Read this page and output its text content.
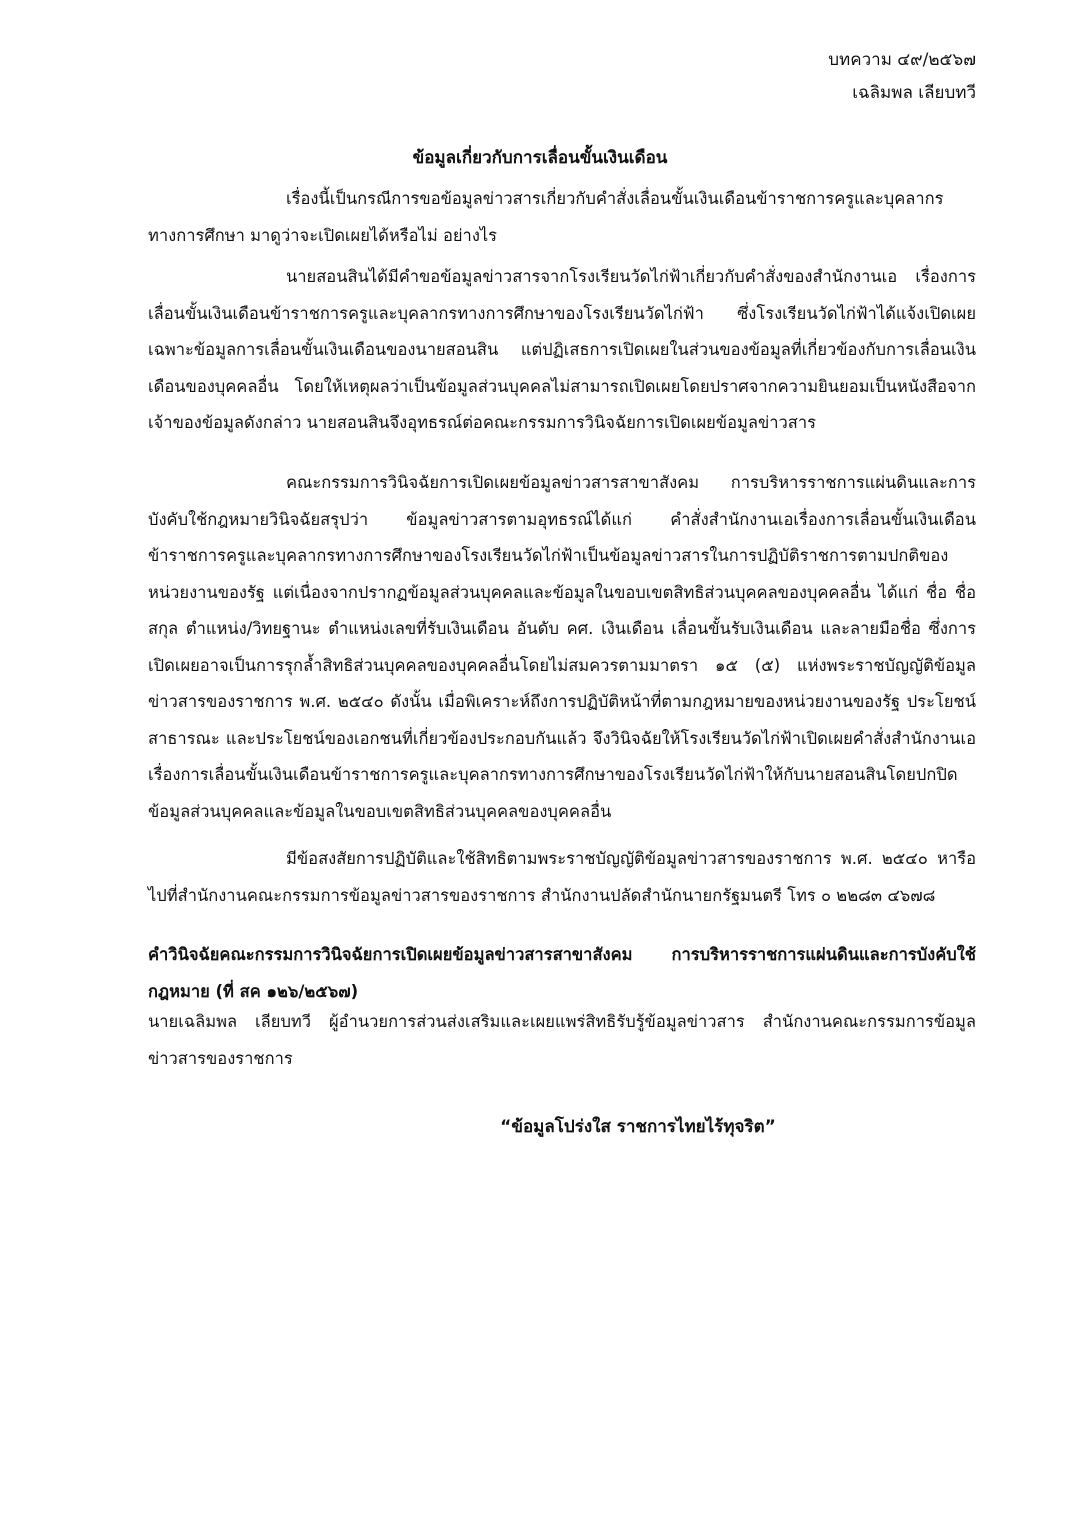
บทความ ๔๙/๒๕๖๗
เฉลิมพล เลียบทวี
ข้อมูลเกี่ยวกับการเลื่อนขั้นเงินเดือน
เรื่องนี้เป็นกรณีการขอข้อมูลข่าวสารเกี่ยวกับคำสั่งเลื่อนขั้นเงินเดือนข้าราชการครูและบุคลากรทางการศึกษา มาดูว่าจะเปิดเผยได้หรือไม่ อย่างไร
นายสอนสินได้มีคำขอข้อมูลข่าวสารจากโรงเรียนวัดไก่ฟ้าเกี่ยวกับคำสั่งของสำนักงานเอ เรื่องการเลื่อนขั้นเงินเดือนข้าราชการครูและบุคลากรทางการศึกษาของโรงเรียนวัดไก่ฟ้า ซึ่งโรงเรียนวัดไก่ฟ้าได้แจ้งเปิดเผยเฉพาะข้อมูลการเลื่อนขั้นเงินเดือนของนายสอนสิน แต่ปฏิเสธการเปิดเผยในส่วนของข้อมูลที่เกี่ยวข้องกับการเลื่อนเงินเดือนของบุคคลอื่น โดยให้เหตุผลว่าเป็นข้อมูลส่วนบุคคลไม่สามารถเปิดเผยโดยปราศจากความยินยอมเป็นหนังสือจากเจ้าของข้อมูลดังกล่าว นายสอนสินจึงอุทธรณ์ต่อคณะกรรมการวินิจฉัยการเปิดเผยข้อมูลข่าวสาร
คณะกรรมการวินิจฉัยการเปิดเผยข้อมูลข่าวสารสาขาสังคม การบริหารราชการแผ่นดินและการบังคับใช้กฎหมายวินิจฉัยสรุปว่า ข้อมูลข่าวสารตามอุทธรณ์ได้แก่ คำสั่งสำนักงานเอเรื่องการเลื่อนขั้นเงินเดือนข้าราชการครูและบุคลากรทางการศึกษาของโรงเรียนวัดไก่ฟ้าเป็นข้อมูลข่าวสารในการปฏิบัติราชการตามปกติของหน่วยงานของรัฐ แต่เนื่องจากปรากฏข้อมูลส่วนบุคคลและข้อมูลในขอบเขตสิทธิส่วนบุคคลของบุคคลอื่น ได้แก่ ชื่อ ชื่อสกุล ตำแหน่ง/วิทยฐานะ ตำแหน่งเลขที่รับเงินเดือน อันดับ คศ. เงินเดือน เลื่อนขั้นรับเงินเดือน และลายมือชื่อ ซึ่งการเปิดเผยอาจเป็นการรุกล้ำสิทธิส่วนบุคคลของบุคคลอื่นโดยไม่สมควรตามมาตรา ๑๕ (๕) แห่งพระราชบัญญัติข้อมูลข่าวสารของราชการ พ.ศ. ๒๕๔๐ ดังนั้น เมื่อพิเคราะห์ถึงการปฏิบัติหน้าที่ตามกฎหมายของหน่วยงานของรัฐ ประโยชน์สาธารณะ และประโยชน์ของเอกชนที่เกี่ยวข้องประกอบกันแล้ว จึงวินิจฉัยให้โรงเรียนวัดไก่ฟ้าเปิดเผยคำสั่งสำนักงานเอเรื่องการเลื่อนขั้นเงินเดือนข้าราชการครูและบุคลากรทางการศึกษาของโรงเรียนวัดไก่ฟ้าให้กับนายสอนสินโดยปกปิดข้อมูลส่วนบุคคลและข้อมูลในขอบเขตสิทธิส่วนบุคคลของบุคคลอื่น
มีข้อสงสัยการปฏิบัติและใช้สิทธิตามพระราชบัญญัติข้อมูลข่าวสารของราชการ พ.ศ. ๒๕๔๐ หารือไปที่สำนักงานคณะกรรมการข้อมูลข่าวสารของราชการ สำนักงานปลัดสำนักนายกรัฐมนตรี โทร ๐ ๒๒๘๓ ๔๖๗๘
คำวินิจฉัยคณะกรรมการวินิจฉัยการเปิดเผยข้อมูลข่าวสารสาขาสังคม การบริหารราชการแผ่นดินและการบังคับใช้กฎหมาย (ที่ สค ๑๒๖/๒๕๖๗)
นายเฉลิมพล เลียบทวี ผู้อำนวยการส่วนส่งเสริมและเผยแพร่สิทธิรับรู้ข้อมูลข่าวสาร สำนักงานคณะกรรมการข้อมูลข่าวสารของราชการ
“ข้อมูลโปร่งใส ราชการไทยไร้ทุจริต”
